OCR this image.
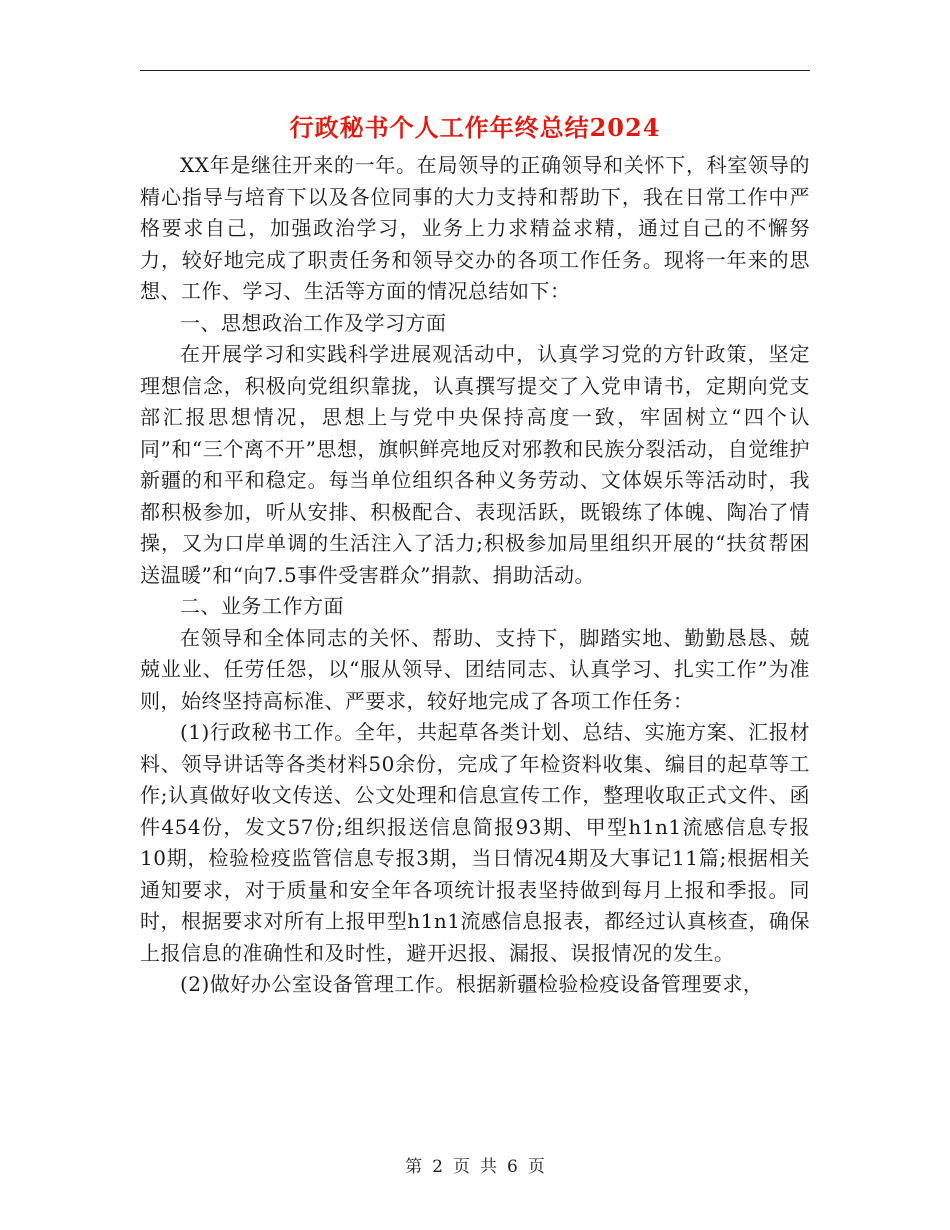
行政秘书个人工作年终总结2024

XX年是继往开来的一年。在局领导的正确领导和关怀下，科室领导的精心指导与培育下以及各位同事的大力支持和帮助下，我在日常工作中严格要求自己，加强政治学习，业务上力求精益求精，通过自己的不懈努力，较好地完成了职责任务和领导交办的各项工作任务。现将一年来的思想、工作、学习、生活等方面的情况总结如下：

一、思想政治工作及学习方面

在开展学习和实践科学进展观活动中，认真学习党的方针政策，坚定理想信念，积极向党组织靠拢，认真撰写提交了入党申请书，定期向党支部汇报思想情况，思想上与党中央保持高度一致，牢固树立“四个认同”和“三个离不开”思想，旗帜鲜亮地反对邪教和民族分裂活动，自觉维护新疆的和平和稳定。每当单位组织各种义务劳动、文体娱乐等活动时，我都积极参加，听从安排、积极配合、表现活跃，既锻练了体魄、陶冶了情操，又为口岸单调的生活注入了活力;积极参加局里组织开展的“扶贫帮困送温暖”和“向7.5事件受害群众”捐款、捐助活动。

二、业务工作方面

在领导和全体同志的关怀、帮助、支持下，脚踏实地、勤勤恳恳、兢兢业业、任劳任怨，以“服从领导、团结同志、认真学习、扎实工作”为准则，始终坚持高标准、严要求，较好地完成了各项工作任务：

(1)行政秘书工作。全年，共起草各类计划、总结、实施方案、汇报材料、领导讲话等各类材料50余份，完成了年检资料收集、编目的起草等工作;认真做好收文传送、公文处理和信息宣传工作，整理收取正式文件、函件454份，发文57份;组织报送信息简报93期、甲型h1n1流感信息专报10期，检验检疫监管信息专报3期，当日情况4期及大事记11篇;根据相关通知要求，对于质量和安全年各项统计报表坚持做到每月上报和季报。同时，根据要求对所有上报甲型h1n1流感信息报表，都经过认真核查，确保上报信息的准确性和及时性，避开迟报、漏报、误报情况的发生。

(2)做好办公室设备管理工作。根据新疆检验检疫设备管理要求，

第 2 页 共 6 页
